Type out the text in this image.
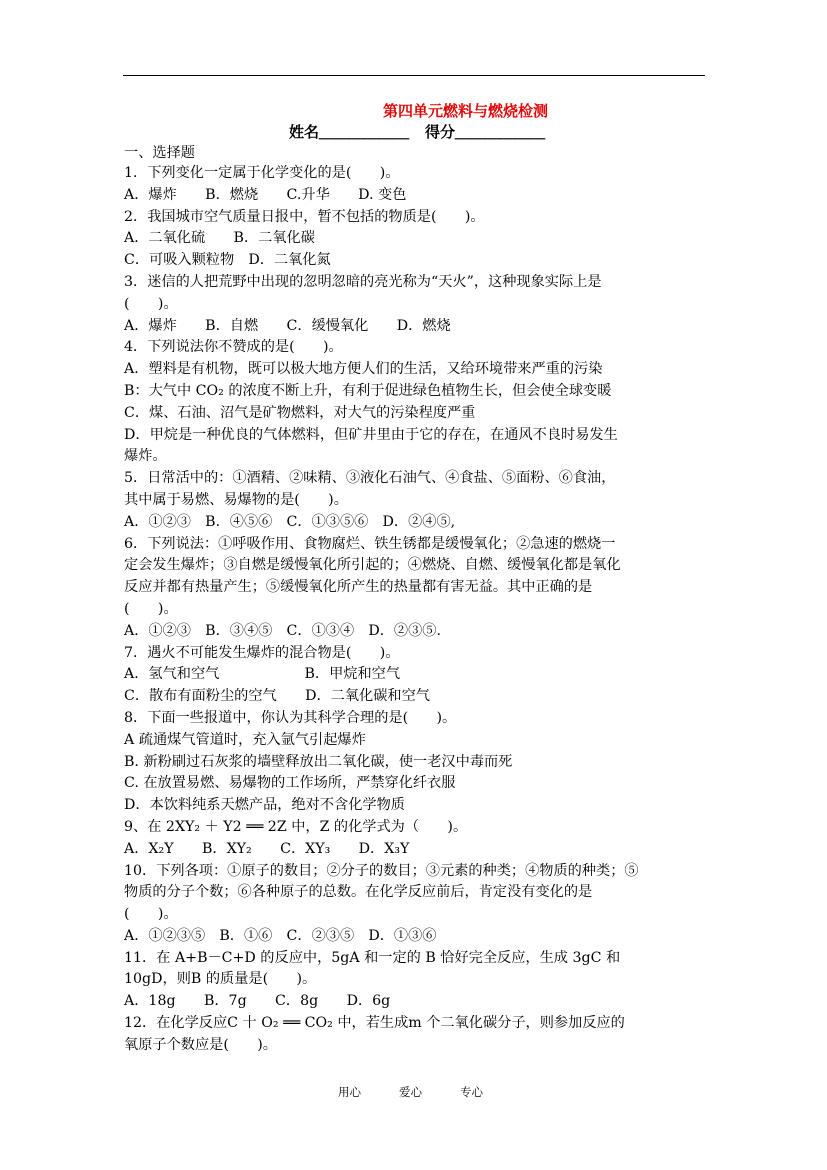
第四单元燃料与燃烧检测
姓名＿＿＿＿＿＿ 得分＿＿＿＿＿＿
一、选择题
1．下列变化一定属于化学变化的是(　　)。
A．爆炸　　B．燃烧　　C.升华　　D. 变色
2．我国城市空气质量日报中，暂不包括的物质是(　　)。
A．二氧化硫　　B．二氧化碳
C．可吸入颗粒物　D．二氧化氮
3．迷信的人把荒野中出现的忽明忽暗的亮光称为“天火”，这种现象实际上是
(　　)。
A．爆炸　　B．自燃　　C．缓慢氧化　　D．燃烧
4．下列说法你不赞成的是(　　)。
A．塑料是有机物，既可以极大地方便人们的生活，又给环境带来严重的污染
B：大气中 CO₂ 的浓度不断上升，有利于促进绿色植物生长，但会使全球变暖
C．煤、石油、沼气是矿物燃料，对大气的污染程度严重
D．甲烷是一种优良的气体燃料，但矿井里由于它的存在，在通风不良时易发生
爆炸。
5．日常活中的：①酒精、②味精、③液化石油气、④食盐、⑤面粉、⑥食油，
其中属于易燃、易爆物的是(　　)。
A．①②③　B．④⑤⑥　C．①③⑤⑥　D．②④⑤,
6．下列说法：①呼吸作用、食物腐烂、铁生锈都是缓慢氧化；②急速的燃烧一
定会发生爆炸；③自燃是缓慢氧化所引起的；④燃烧、自燃、缓慢氧化都是氧化
反应并都有热量产生；⑤缓慢氧化所产生的热量都有害无益。其中正确的是
(　　)。
A．①②③　B．③④⑤　C．①③④　D．②③⑤.
7．遇火不可能发生爆炸的混合物是(　　)。
A．氢气和空气　　　　　　B．甲烷和空气
C．散布有面粉尘的空气　　D．二氧化碳和空气
8．下面一些报道中，你认为其科学合理的是(　　)。
A 疏通煤气管道时，充入氩气引起爆炸
B. 新粉刷过石灰浆的墙壁释放出二氧化碳，使一老汉中毒而死
C. 在放置易燃、易爆物的工作场所，严禁穿化纤衣服
D．本饮料纯系天燃产品，绝对不含化学物质
9、在 2XY₂ ＋ Y2 ══ 2Z 中，Z 的化学式为（　　)。
A．X₂Y　　B．XY₂　　C．XY₃　　D．X₃Y
10．下列各项：①原子的数目；②分子的数目；③元素的种类；④物质的种类；⑤
物质的分子个数；⑥各种原子的总数。在化学反应前后，肯定没有变化的是
(　　)。
A．①②③⑤　B．①⑥　C．②③⑤　D．①③⑥
11．在 A+B－C+D 的反应中，5gA 和一定的 B 恰好完全反应，生成 3gC 和
10gD，则B 的质量是(　　)。
A．18g　　B．7g　　C．8g　　D．6g
12．在化学反应C 十 O₂ ══ CO₂ 中，若生成m 个二氧化碳分子，则参加反应的
氧原子个数应是(　　)。
用心	爱心	专心
